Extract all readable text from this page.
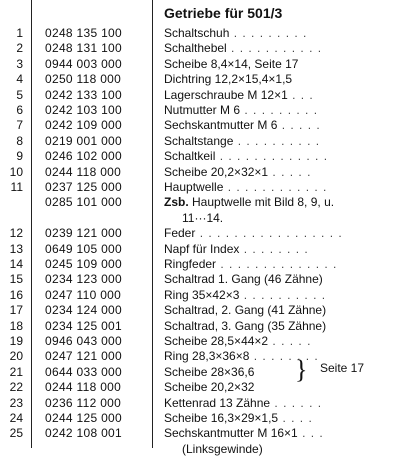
Getriebe für 501/3
1 0248 135 100	Schaltschuh . . . . . . . . .
2 0248 131 100	Schalthebel . . . . . . . . . . .
3 0944 003 000	Scheibe 8,4×14, Seite 17
4 0250 118 000	Dichtring 12,2×15,4×1,5
5 0242 133 100	Lagerschraube M 12×1 . . .
6 0242 103 100	Nutmutter M 6 . . . . . . . . .
7 0242 109 000	Sechskantmutter M 6 . . . . .
8 0219 001 000	Schaltstange . . . . . . . . . .
9 0246 102 000	Schaltkeil . . . . . . . . . . . . .
10 0244 118 000	Scheibe 20,2×32×1 . . . . .
11 0237 125 000	Hauptwelle . . . . . . . . . . . .
0285 101 000	Zsb. Hauptwelle mit Bild 8, 9, u.
11···14.
12 0239 121 000	Feder . . . . . . . . . . . . . . . . .
13 0649 105 000	Napf für Index . . . . . . . .
14 0245 109 000	Ringfeder . . . . . . . . . . . . . .
15 0234 123 000	Schaltrad 1. Gang (46 Zähne)
16 0247 110 000	Ring 35×42×3 . . . . . . . . . .
17 0234 124 000	Schaltrad, 2. Gang (41 Zähne)
18 0234 125 001	Schaltrad, 3. Gang (35 Zähne)
19 0946 043 000	Scheibe 28,5×44×2 . . . . .
20 0247 121 000	Ring 28,3×36×8 . . . . . . . .
21 0644 033 000	Scheibe 28×36,6
22 0244 118 000	Scheibe 20,2×32
23 0236 112 000	Kettenrad 13 Zähne . . . . . .
24 0244 125 000	Scheibe 16,3×29×1,5 . . . .
25 0242 108 001	Sechskantmutter M 16×1 . . .
(Linksgewinde)
} Seite 17
